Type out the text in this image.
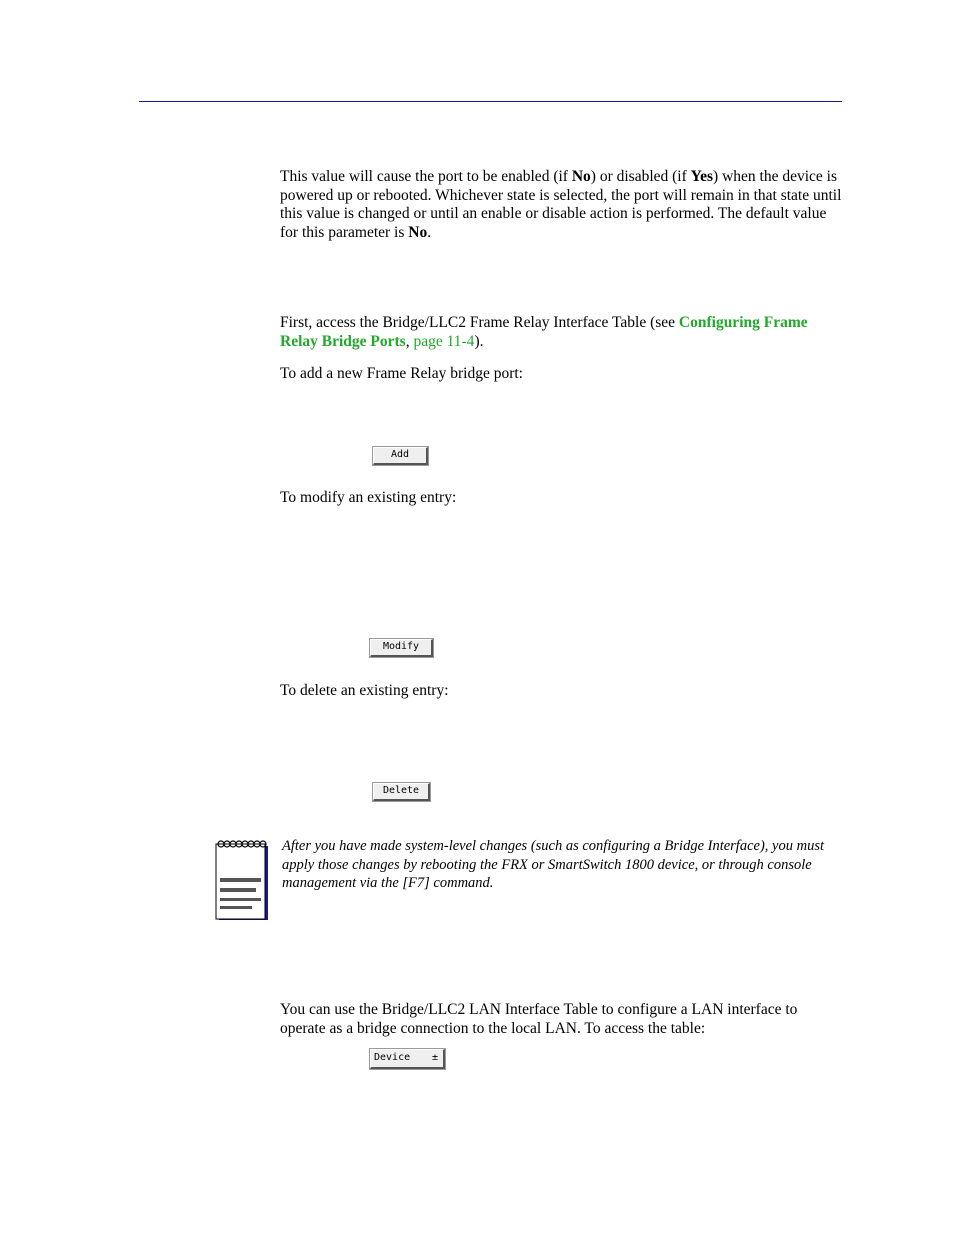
This value will cause the port to be enabled (if No) or disabled (if Yes) when the device is powered up or rebooted. Whichever state is selected, the port will remain in that state until this value is changed or until an enable or disable action is performed. The default value for this parameter is No.

First, access the Bridge/LLC2 Frame Relay Interface Table (see Configuring Frame Relay Bridge Ports, page 11-4).

To add a new Frame Relay bridge port:

Add

To modify an existing entry:

Modify

To delete an existing entry:

Delete

After you have made system-level changes (such as configuring a Bridge Interface), you must apply those changes by rebooting the FRX or SmartSwitch 1800 device, or through console management via the [F7] command.

You can use the Bridge/LLC2 LAN Interface Table to configure a LAN interface to operate as a bridge connection to the local LAN. To access the table:

Device ±
